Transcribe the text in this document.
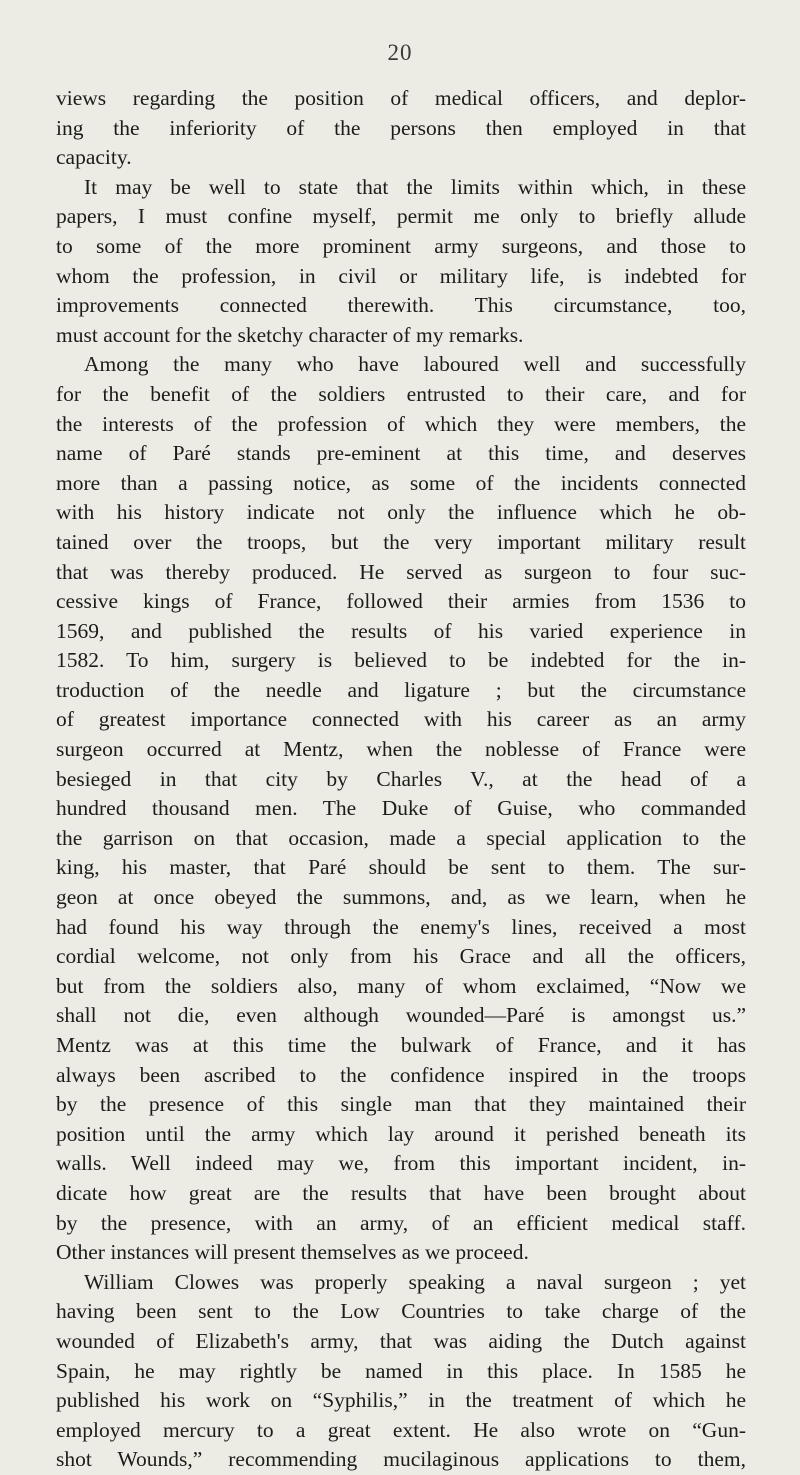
20
views regarding the position of medical officers, and deplor-
ing the inferiority of the persons then employed in that
capacity.
It may be well to state that the limits within which, in these
papers, I must confine myself, permit me only to briefly allude
to some of the more prominent army surgeons, and those to
whom the profession, in civil or military life, is indebted for
improvements connected therewith. This circumstance, too,
must account for the sketchy character of my remarks.
Among the many who have laboured well and successfully
for the benefit of the soldiers entrusted to their care, and for
the interests of the profession of which they were members, the
name of Paré stands pre-eminent at this time, and deserves
more than a passing notice, as some of the incidents connected
with his history indicate not only the influence which he ob-
tained over the troops, but the very important military result
that was thereby produced. He served as surgeon to four suc-
cessive kings of France, followed their armies from 1536 to
1569, and published the results of his varied experience in
1582. To him, surgery is believed to be indebted for the in-
troduction of the needle and ligature ; but the circumstance
of greatest importance connected with his career as an army
surgeon occurred at Mentz, when the noblesse of France were
besieged in that city by Charles V., at the head of a
hundred thousand men. The Duke of Guise, who commanded
the garrison on that occasion, made a special application to the
king, his master, that Paré should be sent to them. The sur-
geon at once obeyed the summons, and, as we learn, when he
had found his way through the enemy's lines, received a most
cordial welcome, not only from his Grace and all the officers,
but from the soldiers also, many of whom exclaimed, “Now we
shall not die, even although wounded—Paré is amongst us.”
Mentz was at this time the bulwark of France, and it has
always been ascribed to the confidence inspired in the troops
by the presence of this single man that they maintained their
position until the army which lay around it perished beneath its
walls. Well indeed may we, from this important incident, in-
dicate how great are the results that have been brought about
by the presence, with an army, of an efficient medical staff.
Other instances will present themselves as we proceed.
William Clowes was properly speaking a naval surgeon ; yet
having been sent to the Low Countries to take charge of the
wounded of Elizabeth's army, that was aiding the Dutch against
Spain, he may rightly be named in this place. In 1585 he
published his work on “Syphilis,” in the treatment of which he
employed mercury to a great extent. He also wrote on “Gun-
shot Wounds,” recommending mucilaginous applications to them,
